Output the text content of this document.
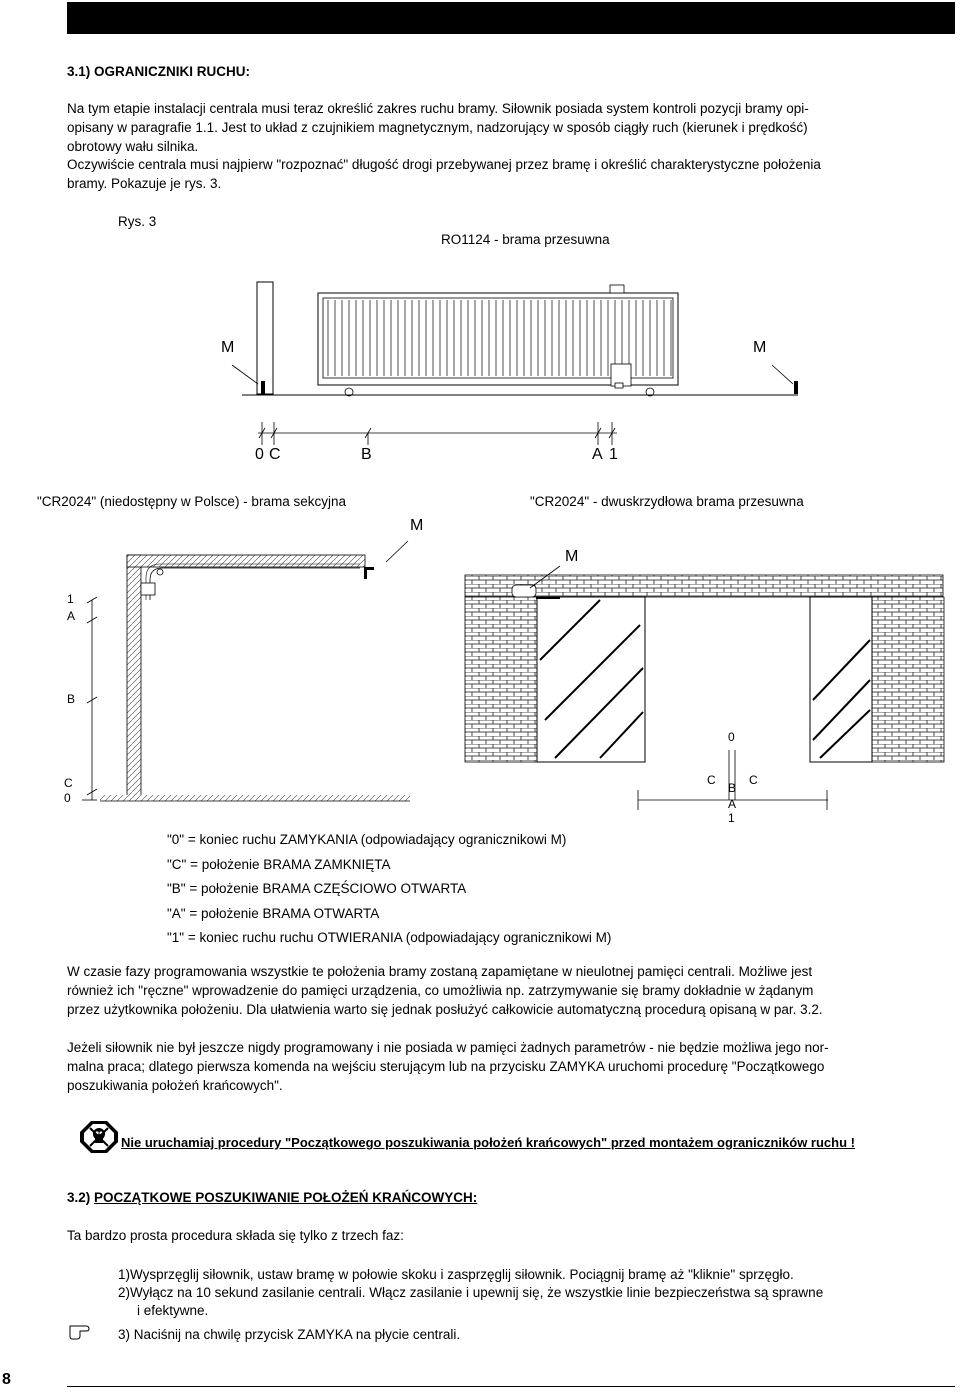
3.1) OGRANICZNIKI RUCHU:
Na tym etapie instalacji centrala musi teraz określić zakres ruchu bramy. Siłownik posiada system kontroli pozycji bramy opi-
opisany w paragrafie 1.1. Jest to układ z czujnikiem magnetycznym, nadzorujący w sposób ciągły ruch (kierunek i prędkość)
obrotowy wału silnika.
Oczywiście centrala musi najpierw "rozpoznać" długość drogi przebywanej przez bramę i określić charakterystyczne położenia
bramy. Pokazuje je rys. 3.
Rys. 3
RO1124 - brama przesuwna
M	M
0 C	B	A 1
"CR2024" (niedostępny w Polsce) - brama sekcyjna	"CR2024" - dwuskrzydłowa brama przesuwna
M
M
1
A
B
C
0
0
C
B
C
A
1
"0" = koniec ruchu ZAMYKANIA (odpowiadający ogranicznikowi M)
"C" = położenie BRAMA ZAMKNIĘTA
"B" = położenie BRAMA CZĘŚCIOWO OTWARTA
"A" = położenie BRAMA OTWARTA
"1" = koniec ruchu ruchu OTWIERANIA (odpowiadający ogranicznikowi M)
W czasie fazy programowania wszystkie te położenia bramy zostaną zapamiętane w nieulotnej pamięci centrali. Możliwe jest
również ich "ręczne" wprowadzenie do pamięci urządzenia, co umożliwia np. zatrzymywanie się bramy dokładnie w żądanym
przez użytkownika położeniu. Dla ułatwienia warto się jednak posłużyć całkowicie automatyczną procedurą opisaną w par. 3.2.
Jeżeli siłownik nie był jeszcze nigdy programowany i nie posiada w pamięci żadnych parametrów - nie będzie możliwa jego nor-
malna praca; dlatego pierwsza komenda na wejściu sterującym lub na przycisku ZAMYKA uruchomi procedurę "Początkowego
poszukiwania położeń krańcowych".
Nie uruchamiaj procedury "Początkowego poszukiwania położeń krańcowych" przed montażem ograniczników ruchu !
3.2) POCZĄTKOWE POSZUKIWANIE POŁOŻEŃ KRAŃCOWYCH:
Ta bardzo prosta procedura składa się tylko z trzech faz:
1)Wysprzęglij siłownik, ustaw bramę w połowie skoku i zasprzęglij siłownik. Pociągnij bramę aż "kliknie" sprzęgło.
2)Wyłącz na 10 sekund zasilanie centrali. Włącz zasilanie i upewnij się, że wszystkie linie bezpieczeństwa są sprawne
i efektywne.
3) Naciśnij na chwilę przycisk ZAMYKA na płycie centrali.
8
